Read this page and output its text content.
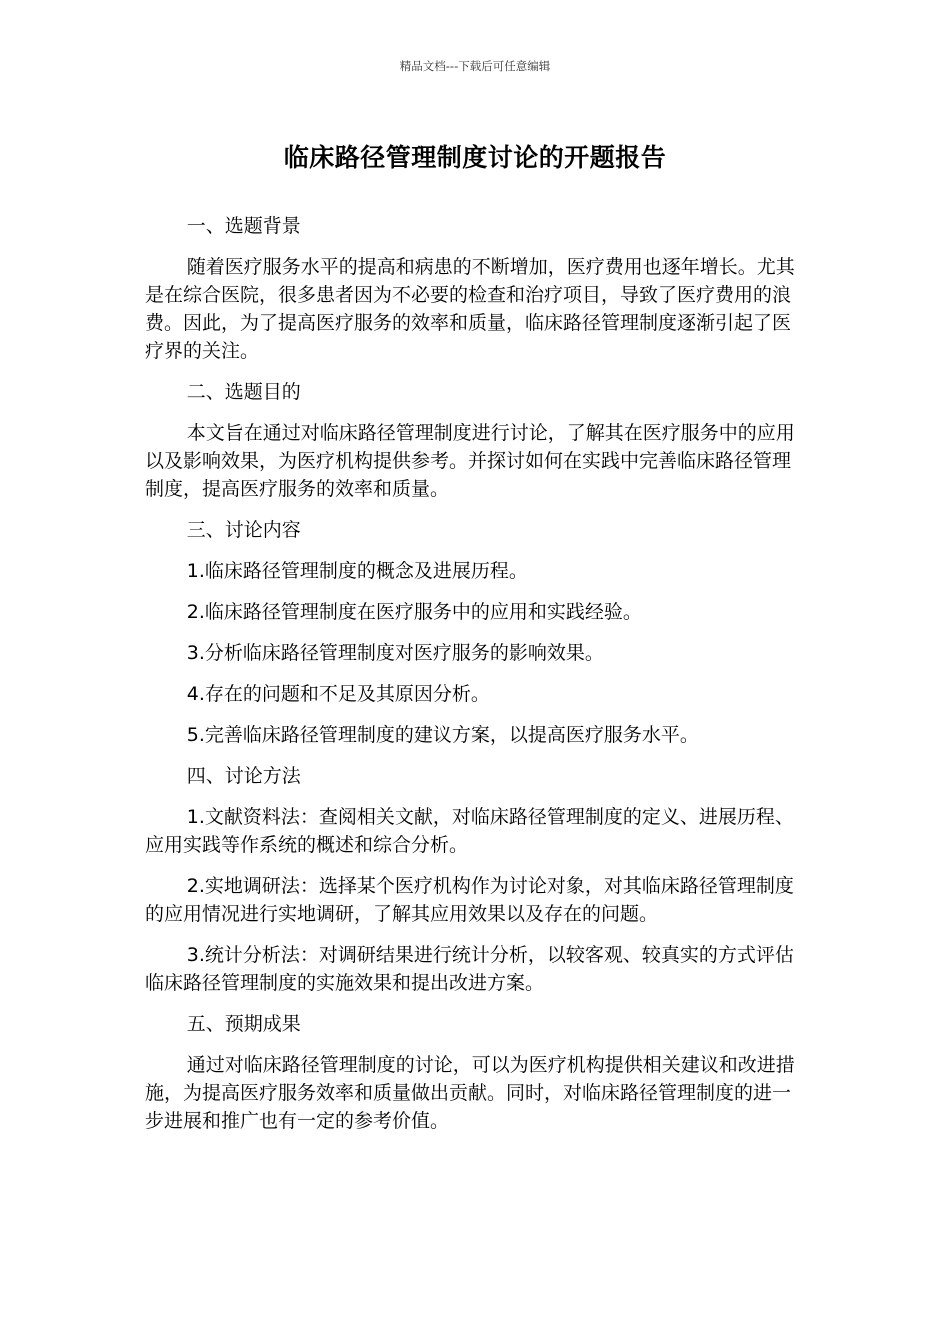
精品文档---下载后可任意编辑
临床路径管理制度讨论的开题报告

一、选题背景

随着医疗服务水平的提高和病患的不断增加，医疗费用也逐年增长。尤其是在综合医院，很多患者因为不必要的检查和治疗项目，导致了医疗费用的浪费。因此，为了提高医疗服务的效率和质量，临床路径管理制度逐渐引起了医疗界的关注。

二、选题目的

本文旨在通过对临床路径管理制度进行讨论，了解其在医疗服务中的应用以及影响效果，为医疗机构提供参考。并探讨如何在实践中完善临床路径管理制度，提高医疗服务的效率和质量。

三、讨论内容

1.临床路径管理制度的概念及进展历程。

2.临床路径管理制度在医疗服务中的应用和实践经验。

3.分析临床路径管理制度对医疗服务的影响效果。

4.存在的问题和不足及其原因分析。

5.完善临床路径管理制度的建议方案，以提高医疗服务水平。

四、讨论方法

1.文献资料法：查阅相关文献，对临床路径管理制度的定义、进展历程、应用实践等作系统的概述和综合分析。

2.实地调研法：选择某个医疗机构作为讨论对象，对其临床路径管理制度的应用情况进行实地调研，了解其应用效果以及存在的问题。

3.统计分析法：对调研结果进行统计分析，以较客观、较真实的方式评估临床路径管理制度的实施效果和提出改进方案。

五、预期成果

通过对临床路径管理制度的讨论，可以为医疗机构提供相关建议和改进措施，为提高医疗服务效率和质量做出贡献。同时，对临床路径管理制度的进一步进展和推广也有一定的参考价值。
